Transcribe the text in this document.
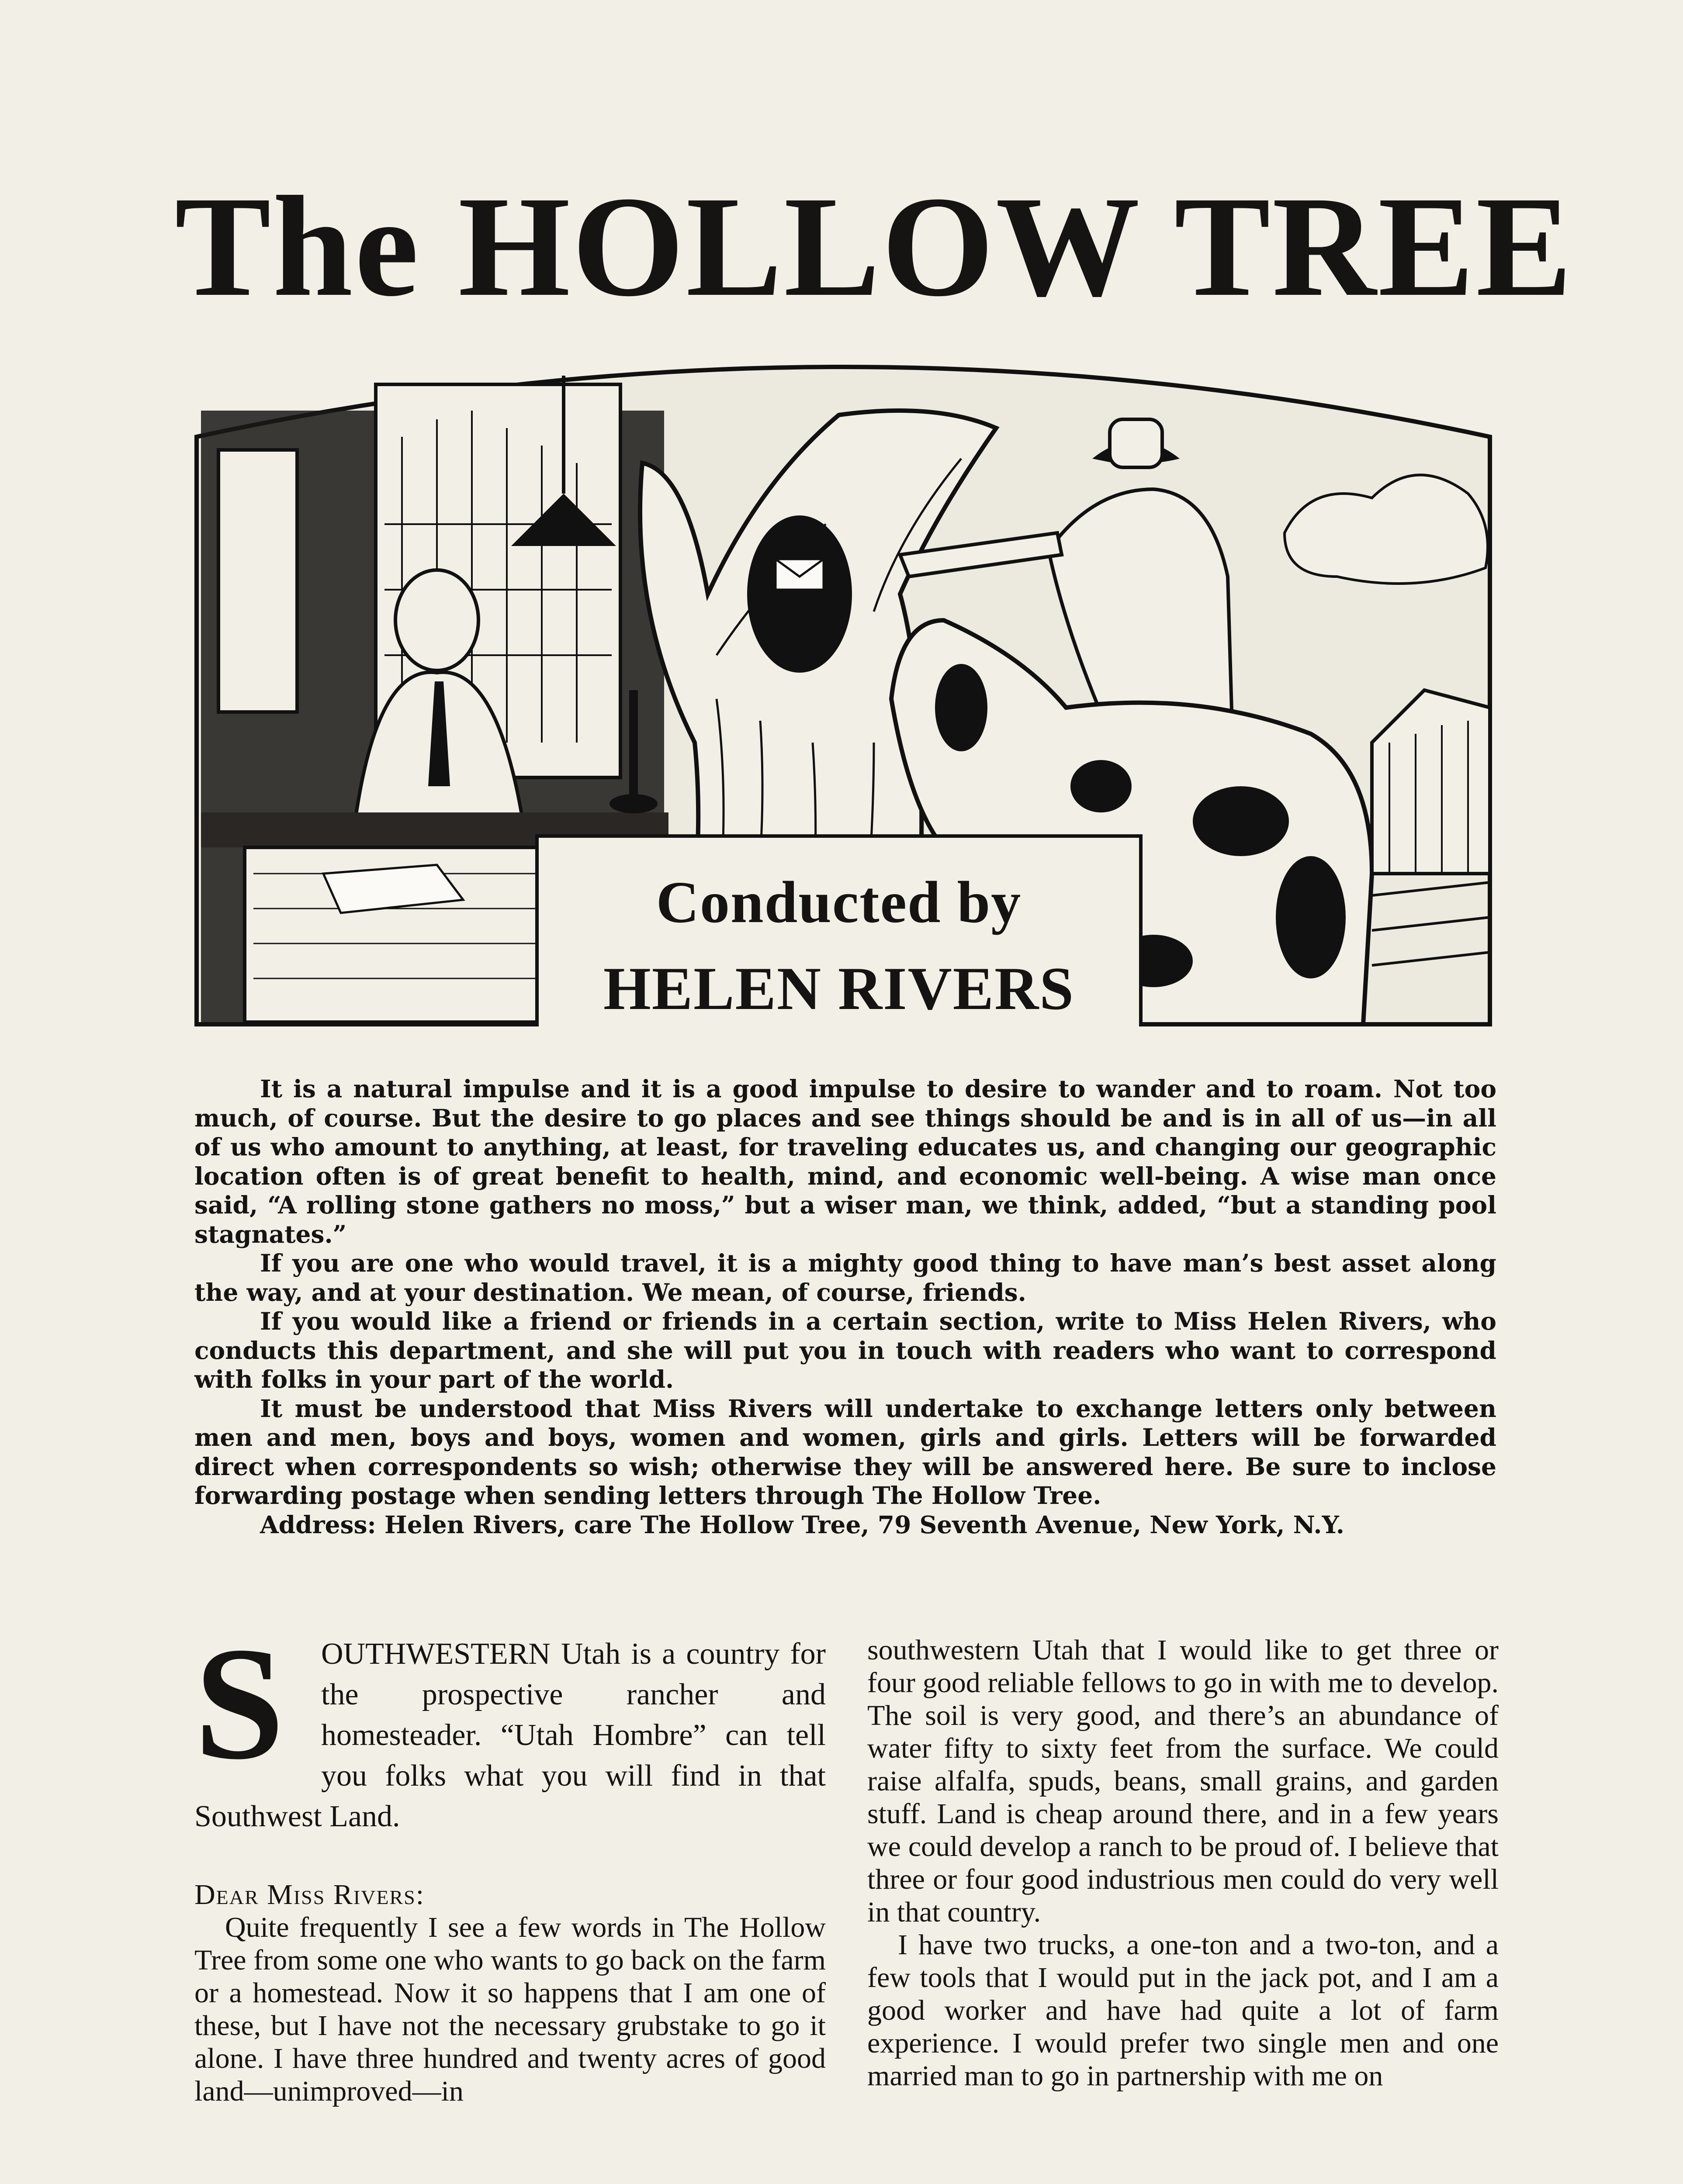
The HOLLOW TREE
Conducted by
HELEN RIVERS

It is a natural impulse and it is a good impulse to desire to wander and to roam. Not too much, of course. But the desire to go places and see things should be and is in all of us—in all of us who amount to anything, at least, for traveling educates us, and changing our geographic location often is of great benefit to health, mind, and economic well-being. A wise man once said, “A rolling stone gathers no moss,” but a wiser man, we think, added, “but a standing pool stagnates.”

If you are one who would travel, it is a mighty good thing to have man’s best asset along the way, and at your destination. We mean, of course, friends.

If you would like a friend or friends in a certain section, write to Miss Helen Rivers, who conducts this department, and she will put you in touch with readers who want to correspond with folks in your part of the world.

It must be understood that Miss Rivers will undertake to exchange letters only between men and men, boys and boys, women and women, girls and girls. Letters will be forwarded direct when correspondents so wish; otherwise they will be answered here. Be sure to inclose forwarding postage when sending letters through The Hollow Tree.

Address: Helen Rivers, care The Hollow Tree, 79 Seventh Avenue, New York, N.Y.

S	OUTHWESTERN Utah is a country for the prospective rancher and homesteader. “Utah Hombre” can tell you folks what you will find in that Southwest Land.

Dear Miss Rivers:

Quite frequently I see a few words in The Hollow Tree from some one who wants to go back on the farm or a homestead. Now it so happens that I am one of these, but I have not the necessary grubstake to go it alone. I have three hundred and twenty acres of good land—unimproved—in

southwestern Utah that I would like to get three or four good reliable fellows to go in with me to develop. The soil is very good, and there’s an abundance of water fifty to sixty feet from the surface. We could raise alfalfa, spuds, beans, small grains, and garden stuff. Land is cheap around there, and in a few years we could develop a ranch to be proud of. I believe that three or four good industrious men could do very well in that country.

I have two trucks, a one-ton and a two-ton, and a few tools that I would put in the jack pot, and I am a good worker and have had quite a lot of farm experience. I would prefer two single men and one married man to go in partnership with me on
